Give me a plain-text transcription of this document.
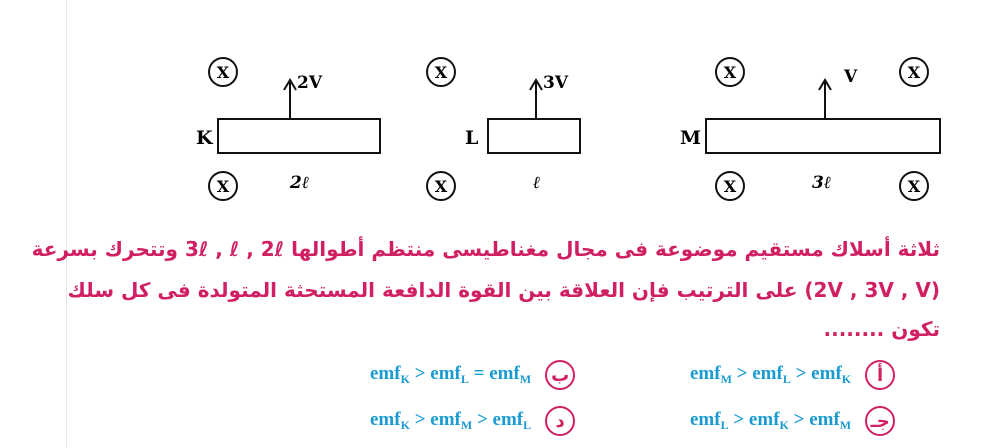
X
X
X
X
X	X
X	X
K
2V
2ℓ
L
3V
ℓ
M
V
3ℓ
ثلاثة أسلاك مستقيم موضوعة فى مجال مغناطيسى منتظم أطوالها 3ℓ , ℓ , 2ℓ وتتحرك بسرعة
(2V , 3V , V) على الترتيب فإن العلاقة بين القوة الدافعة المستحثة المتولدة فى كل سلك
تكون ........
emf$_M$ > emf$_L$ > emf$_K$	أ
emf$_K$ > emf$_L$ = emf$_M$	ب
emf$_L$ > emf$_K$ > emf$_M$	جـ
emf$_K$ > emf$_M$ > emf$_L$	د
